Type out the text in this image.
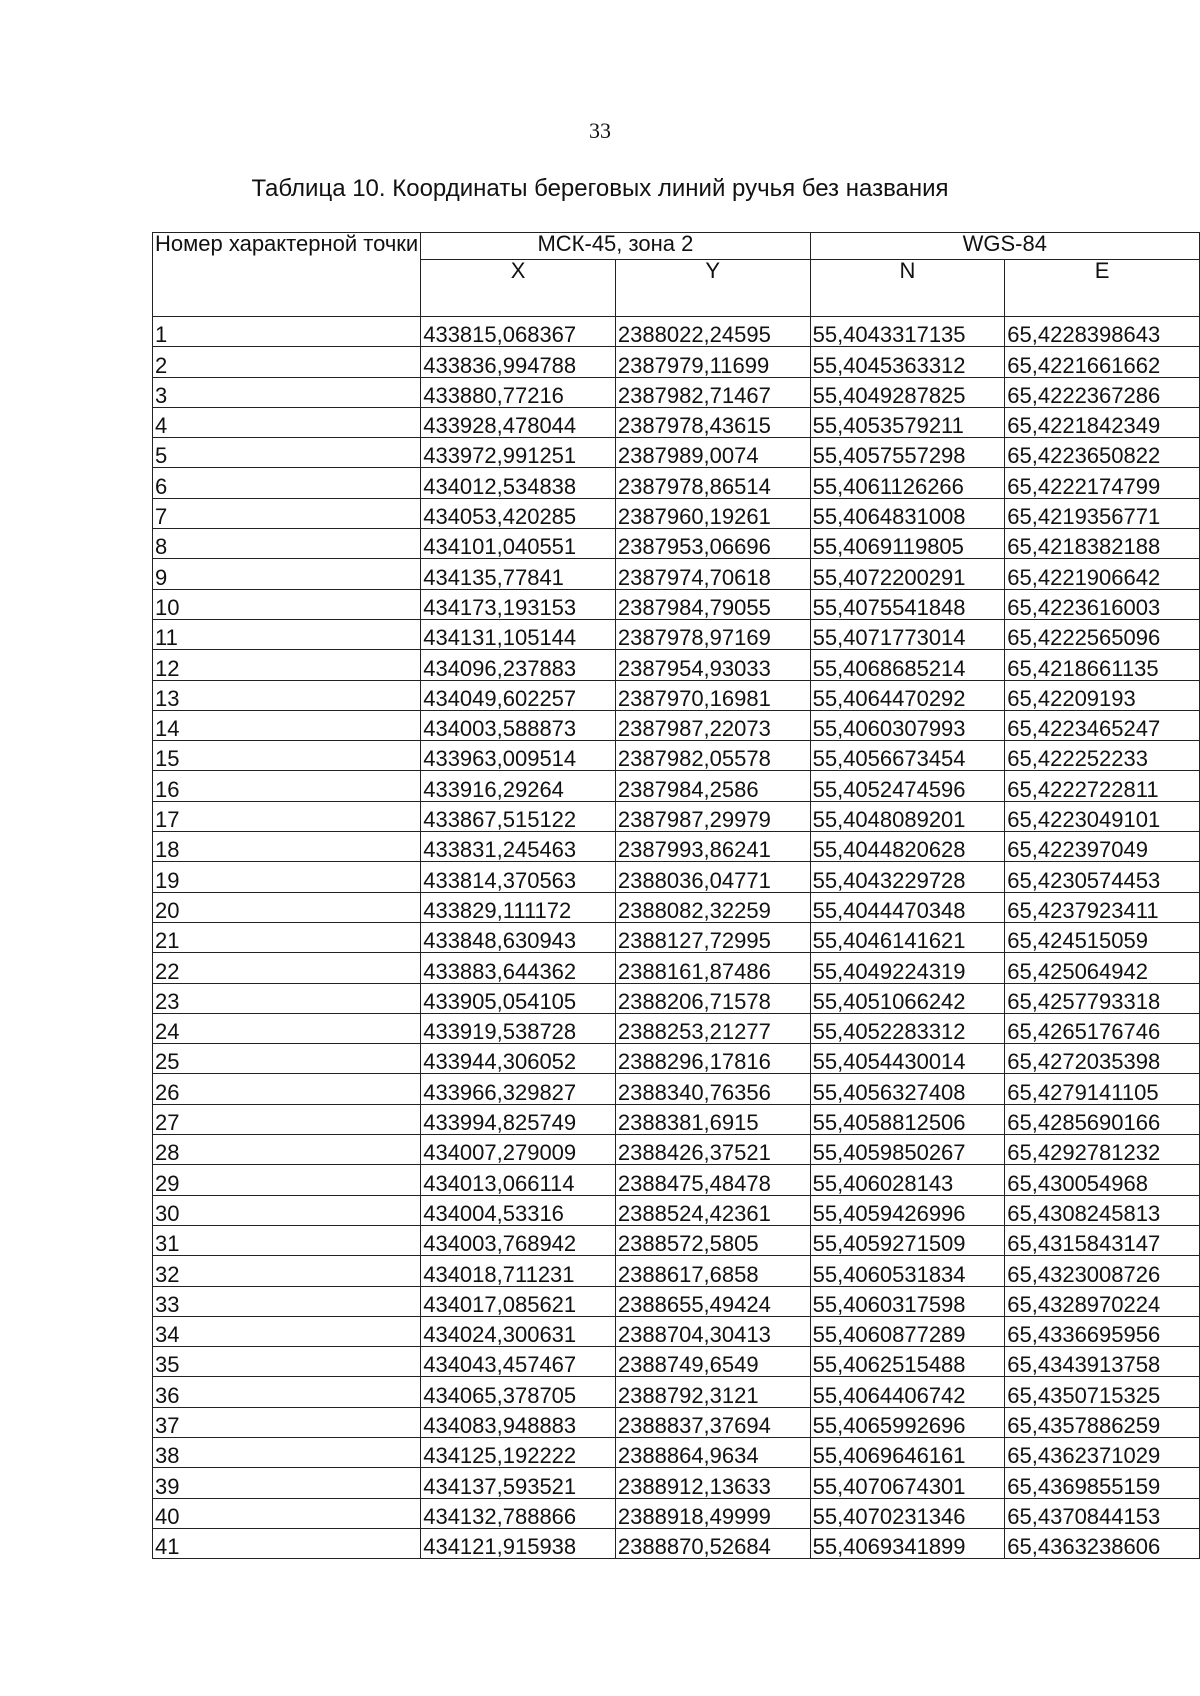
33
Таблица 10. Координаты береговых линий ручья без названия
Номер характерной точки	МСК-45, зона 2		WGS-84	
	X	Y	N	E
1	433815,068367	2388022,24595	55,4043317135	65,4228398643
2	433836,994788	2387979,11699	55,4045363312	65,4221661662
3	433880,77216	2387982,71467	55,4049287825	65,4222367286
4	433928,478044	2387978,43615	55,4053579211	65,4221842349
5	433972,991251	2387989,0074	55,4057557298	65,4223650822
6	434012,534838	2387978,86514	55,4061126266	65,4222174799
7	434053,420285	2387960,19261	55,4064831008	65,4219356771
8	434101,040551	2387953,06696	55,4069119805	65,4218382188
9	434135,77841	2387974,70618	55,4072200291	65,4221906642
10	434173,193153	2387984,79055	55,4075541848	65,4223616003
11	434131,105144	2387978,97169	55,4071773014	65,4222565096
12	434096,237883	2387954,93033	55,4068685214	65,4218661135
13	434049,602257	2387970,16981	55,4064470292	65,42209193
14	434003,588873	2387987,22073	55,4060307993	65,4223465247
15	433963,009514	2387982,05578	55,4056673454	65,422252233
16	433916,29264	2387984,2586	55,4052474596	65,4222722811
17	433867,515122	2387987,29979	55,4048089201	65,4223049101
18	433831,245463	2387993,86241	55,4044820628	65,422397049
19	433814,370563	2388036,04771	55,4043229728	65,4230574453
20	433829,111172	2388082,32259	55,4044470348	65,4237923411
21	433848,630943	2388127,72995	55,4046141621	65,424515059
22	433883,644362	2388161,87486	55,4049224319	65,425064942
23	433905,054105	2388206,71578	55,4051066242	65,4257793318
24	433919,538728	2388253,21277	55,4052283312	65,4265176746
25	433944,306052	2388296,17816	55,4054430014	65,4272035398
26	433966,329827	2388340,76356	55,4056327408	65,4279141105
27	433994,825749	2388381,6915	55,4058812506	65,4285690166
28	434007,279009	2388426,37521	55,4059850267	65,4292781232
29	434013,066114	2388475,48478	55,406028143	65,430054968
30	434004,53316	2388524,42361	55,4059426996	65,4308245813
31	434003,768942	2388572,5805	55,4059271509	65,4315843147
32	434018,711231	2388617,6858	55,4060531834	65,4323008726
33	434017,085621	2388655,49424	55,4060317598	65,4328970224
34	434024,300631	2388704,30413	55,4060877289	65,4336695956
35	434043,457467	2388749,6549	55,4062515488	65,4343913758
36	434065,378705	2388792,3121	55,4064406742	65,4350715325
37	434083,948883	2388837,37694	55,4065992696	65,4357886259
38	434125,192222	2388864,9634	55,4069646161	65,4362371029
39	434137,593521	2388912,13633	55,4070674301	65,4369855159
40	434132,788866	2388918,49999	55,4070231346	65,4370844153
41	434121,915938	2388870,52684	55,4069341899	65,4363238606
